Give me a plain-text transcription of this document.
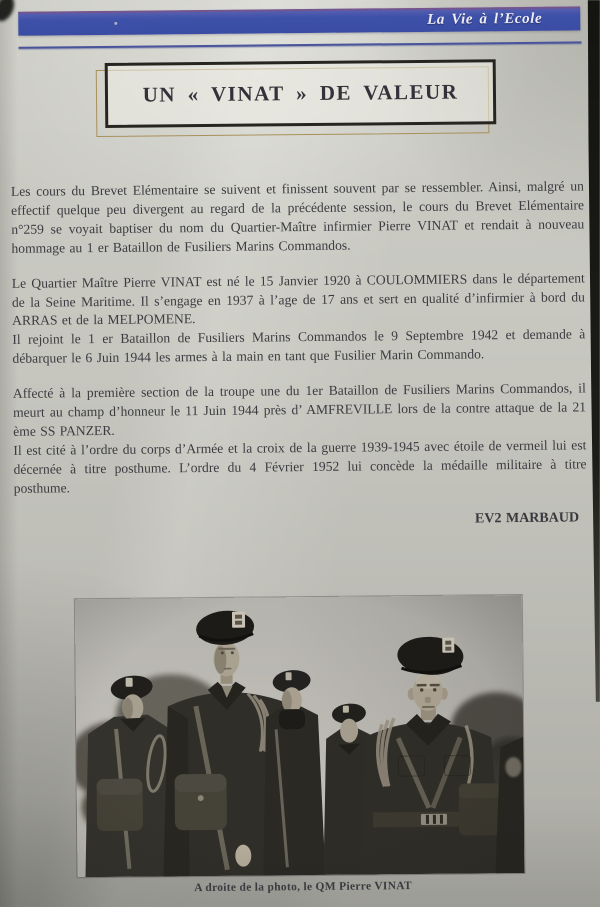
La Vie à l’Ecole
UN « VINAT » DE VALEUR

Les cours du Brevet Elémentaire se suivent et finissent souvent par se ressembler. Ainsi, malgré un effectif quelque peu divergent au regard de la précédente session, le cours du Brevet Elémentaire n°259 se voyait baptiser du nom du Quartier-Maître infirmier Pierre VINAT et rendait à nouveau hommage au 1 er Bataillon de Fusiliers Marins Commandos.

Le Quartier Maître Pierre VINAT est né le 15 Janvier 1920 à COULOMMIERS dans le département de la Seine Maritime. Il s’engage en 1937 à l’age de 17 ans et sert en qualité d’infirmier à bord du ARRAS et de la MELPOMENE.

Il rejoint le 1 er Bataillon de Fusiliers Marins Commandos le 9 Septembre 1942 et demande à débarquer le 6 Juin 1944 les armes à la main en tant que Fusilier Marin Commando.

Affecté à la première section de la troupe une du 1er Bataillon de Fusiliers Marins Commandos, il meurt au champ d’honneur le 11 Juin 1944 près d’ AMFREVILLE lors de la contre attaque de la 21 ème SS PANZER.

Il est cité à l’ordre du corps d’Armée et la croix de la guerre 1939-1945 avec étoile de vermeil lui est décernée à titre posthume. L’ordre du 4 Février 1952 lui concède la médaille militaire à titre posthume.

EV2 MARBAUD
A droite de la photo, le QM Pierre VINAT
